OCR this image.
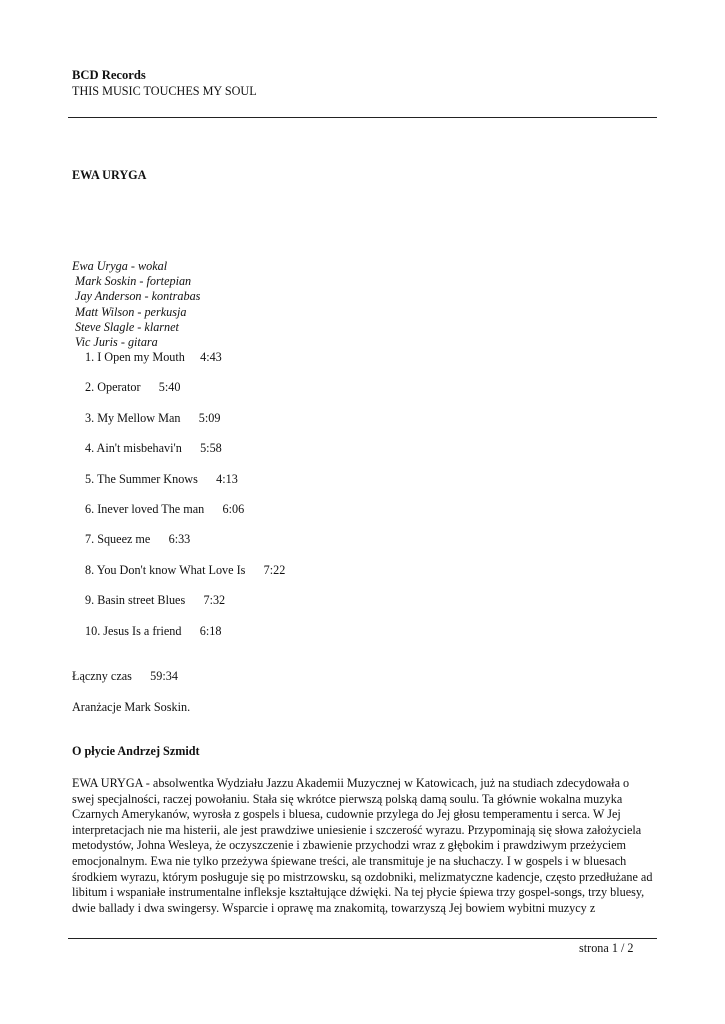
BCD Records
THIS MUSIC TOUCHES MY SOUL
EWA URYGA
Ewa Uryga - wokal
Mark Soskin - fortepian
Jay Anderson - kontrabas
Matt Wilson - perkusja
Steve Slagle - klarnet
Vic Juris - gitara
1. I Open my Mouth     4:43
2. Operator      5:40
3. My Mellow Man      5:09
4. Ain't misbehavi'n      5:58
5. The Summer Knows      4:13
6. Inever loved The man      6:06
7. Squeez me      6:33
8. You Don't know What Love Is      7:22
9. Basin street Blues      7:32
10. Jesus Is a friend      6:18
Łączny czas      59:34
Aranżacje Mark Soskin.
O płycie Andrzej Szmidt
EWA URYGA - absolwentka Wydziału Jazzu Akademii Muzycznej w Katowicach, już na studiach zdecydowała o
swej specjalności, raczej powołaniu. Stała się wkrótce pierwszą polską damą soulu. Ta głównie wokalna muzyka
Czarnych Amerykanów, wyrosła z gospels i bluesa, cudownie przylega do Jej głosu temperamentu i serca. W Jej
interpretacjach nie ma histerii, ale jest prawdziwe uniesienie i szczerość wyrazu. Przypominają się słowa założyciela
metodystów, Johna Wesleya, że oczyszczenie i zbawienie przychodzi wraz z głębokim i prawdziwym przeżyciem
emocjonalnym. Ewa nie tylko przeżywa śpiewane treści, ale transmituje je na słuchaczy. I w gospels i w bluesach
środkiem wyrazu, którym posługuje się po mistrzowsku, są ozdobniki, melizmatyczne kadencje, często przedłużane ad
libitum i wspaniałe instrumentalne infleksje kształtujące dźwięki. Na tej płycie śpiewa trzy gospel-songs, trzy bluesy,
dwie ballady i dwa swingersy. Wsparcie i oprawę ma znakomitą, towarzyszą Jej bowiem wybitni muzycy z
strona 1 / 2
